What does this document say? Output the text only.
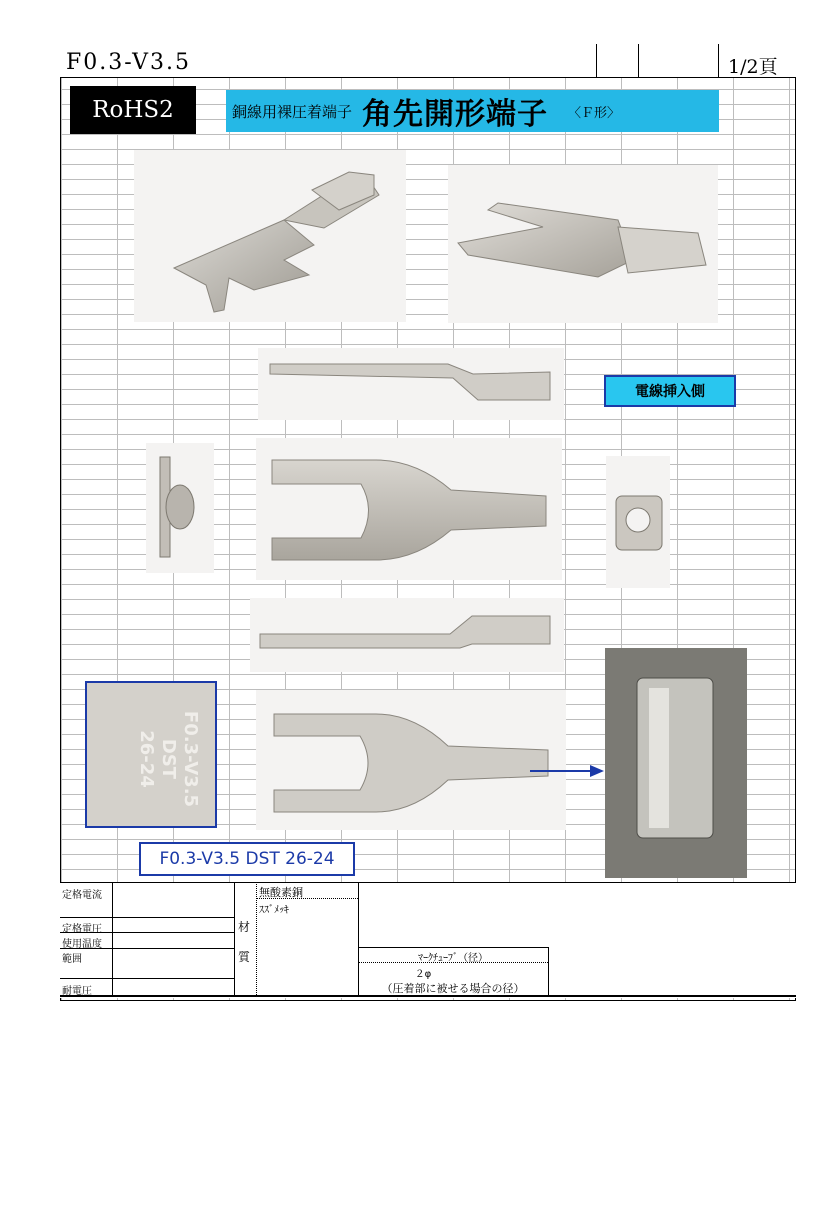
F0.3-V3.5	1/2頁
RoHS2	銅線用裸圧着端子 角先開形端子 〈Ｆ形〉
電線挿入側
F0.3-V3.5
DST
26-24
F0.3-V3.5 DST 26-24
定格電流
定格電圧
使用温度
範囲
耐電圧
材
質
無酸素銅
ｽｽﾞﾒｯｷ
ﾏｰｸﾁｭｰﾌﾞ（径）
２φ
（圧着部に被せる場合の径）
